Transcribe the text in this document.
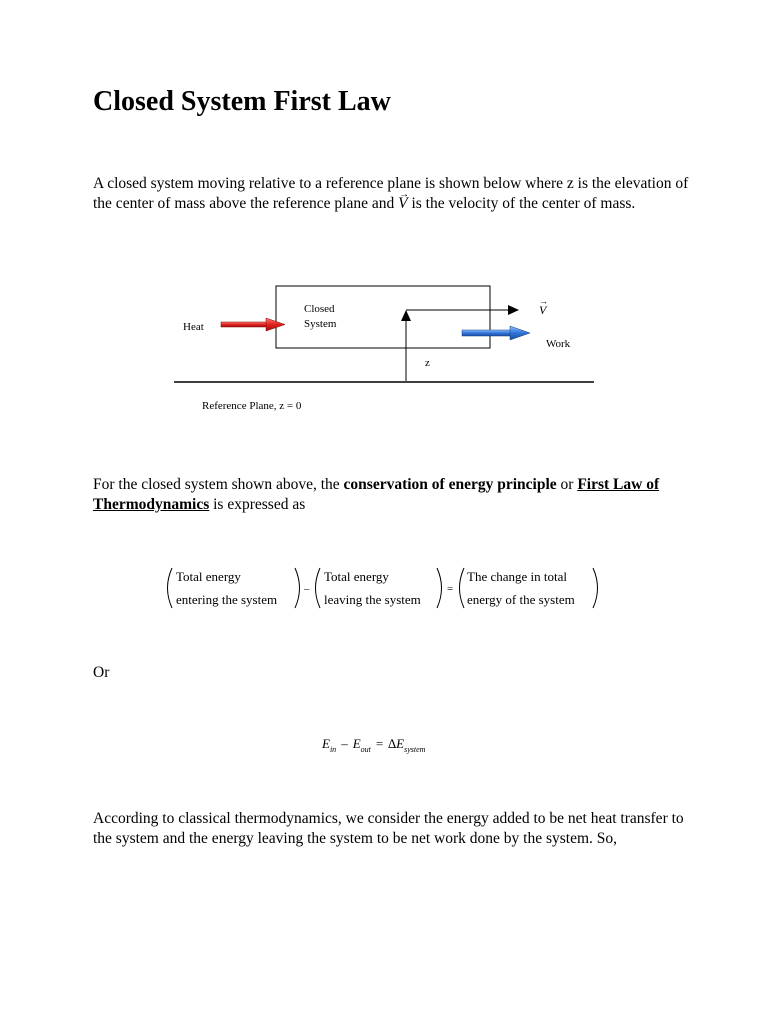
Closed System First Law

A closed system moving relative to a reference plane is shown below where z is the elevation of the center of mass above the reference plane and → V is the velocity of the center of mass.

Closed
System
Heat
V
→
Work
z
Reference Plane, z = 0

For the closed system shown above, the conservation of energy principle or First Law of Thermodynamics is expressed as

Total energy
entering the system
–
Total energy
leaving the system
=
The change in total
energy of the system

Or

$E_{in} - E_{out} = \Delta E_{system}$

According to classical thermodynamics, we consider the energy added to be net heat transfer to the system and the energy leaving the system to be net work done by the system. So,
